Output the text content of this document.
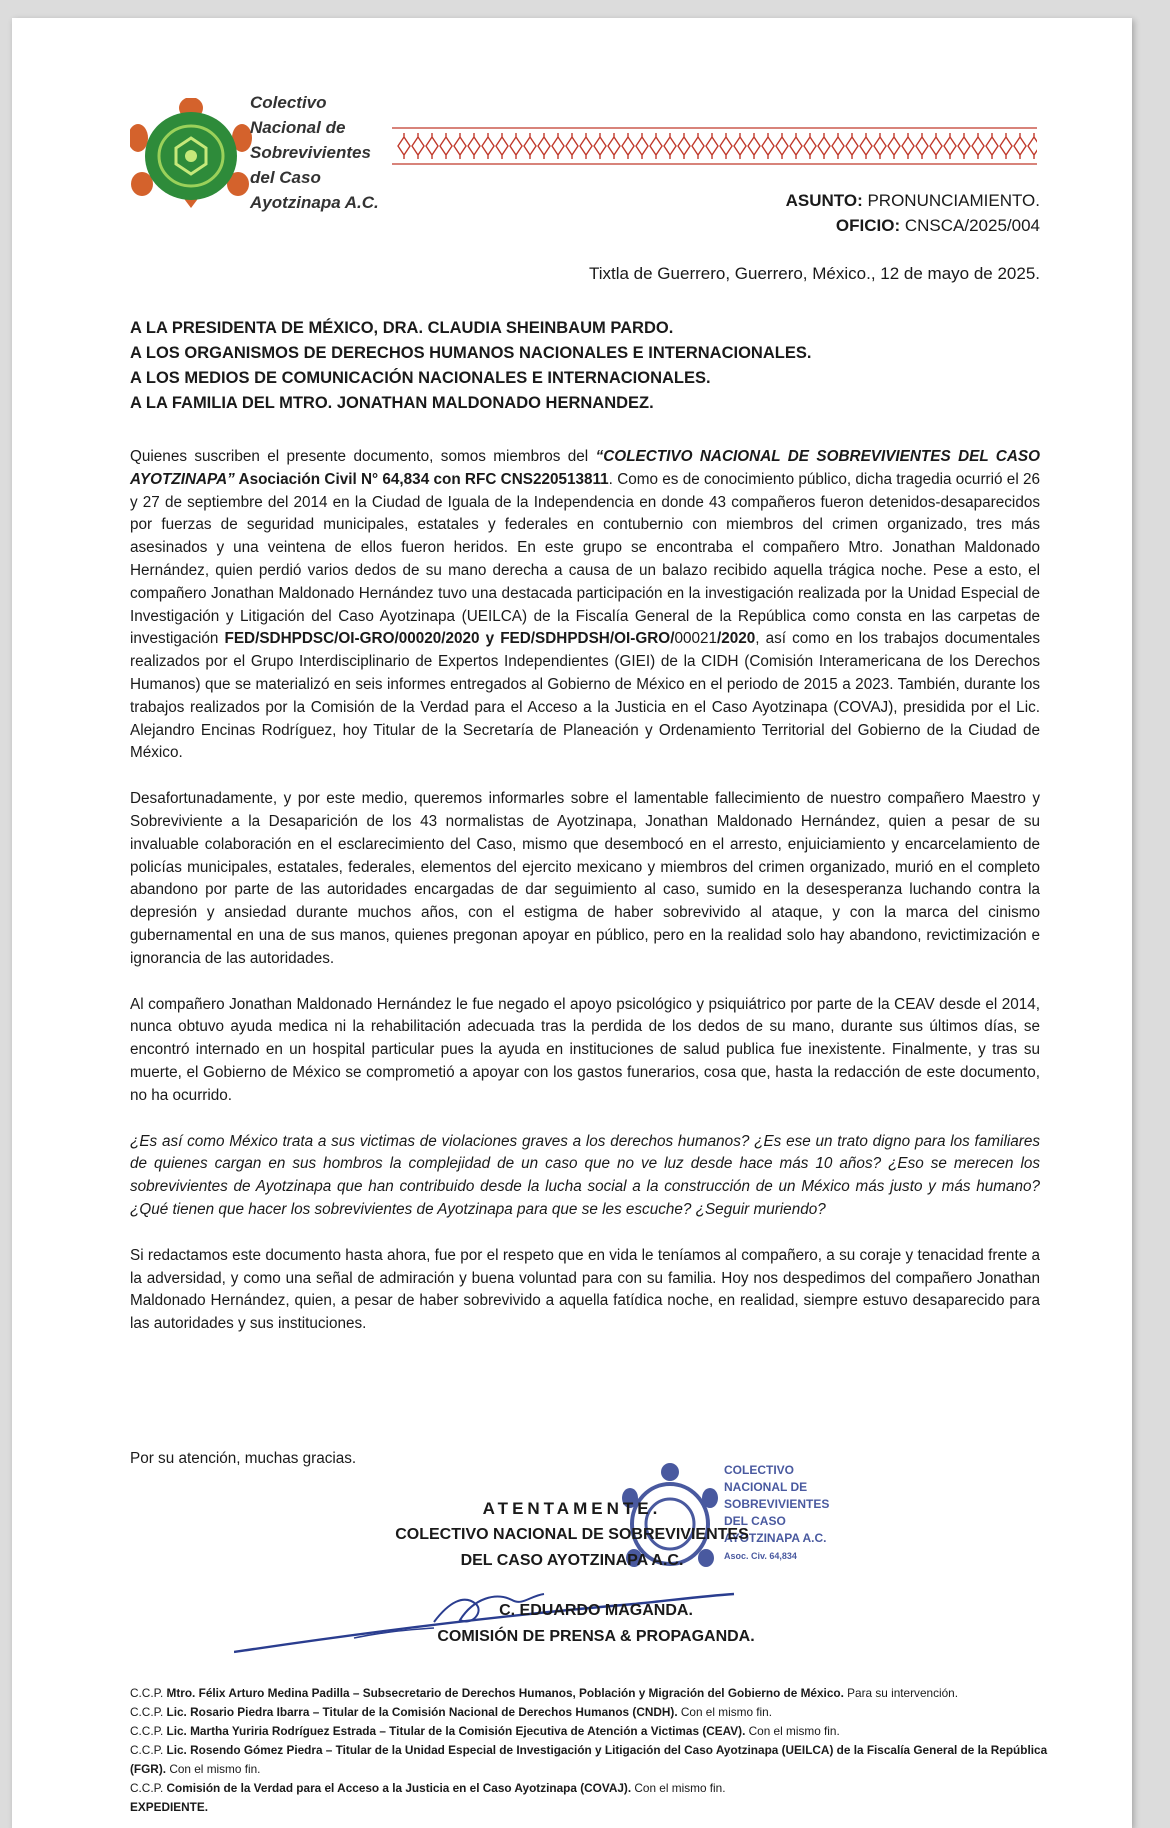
Colectivo
Nacional de
Sobrevivientes
del Caso
Ayotzinapa A.C.	ASUNTO: PRONUNCIAMIENTO.
OFICIO: CNSCA/2025/004
Tixtla de Guerrero, Guerrero, México., 12 de mayo de 2025.
A LA PRESIDENTA DE MÉXICO, DRA. CLAUDIA SHEINBAUM PARDO.
A LOS ORGANISMOS DE DERECHOS HUMANOS NACIONALES E INTERNACIONALES.
A LOS MEDIOS DE COMUNICACIÓN NACIONALES E INTERNACIONALES.
A LA FAMILIA DEL MTRO. JONATHAN MALDONADO HERNANDEZ.

Quienes suscriben el presente documento, somos miembros del “COLECTIVO NACIONAL DE SOBREVIVIENTES DEL CASO AYOTZINAPA” Asociación Civil N° 64,834 con RFC CNS220513811. Como es de conocimiento público, dicha tragedia ocurrió el 26 y 27 de septiembre del 2014 en la Ciudad de Iguala de la Independencia en donde 43 compañeros fueron detenidos-desaparecidos por fuerzas de seguridad municipales, estatales y federales en contubernio con miembros del crimen organizado, tres más asesinados y una veintena de ellos fueron heridos. En este grupo se encontraba el compañero Mtro. Jonathan Maldonado Hernández, quien perdió varios dedos de su mano derecha a causa de un balazo recibido aquella trágica noche. Pese a esto, el compañero Jonathan Maldonado Hernández tuvo una destacada participación en la investigación realizada por la Unidad Especial de Investigación y Litigación del Caso Ayotzinapa (UEILCA) de la Fiscalía General de la República como consta en las carpetas de investigación FED/SDHPDSC/OI-GRO/00020/2020 y FED/SDHPDSH/OI-GRO/00021/2020, así como en los trabajos documentales realizados por el Grupo Interdisciplinario de Expertos Independientes (GIEI) de la CIDH (Comisión Interamericana de los Derechos Humanos) que se materializó en seis informes entregados al Gobierno de México en el periodo de 2015 a 2023. También, durante los trabajos realizados por la Comisión de la Verdad para el Acceso a la Justicia en el Caso Ayotzinapa (COVAJ), presidida por el Lic. Alejandro Encinas Rodríguez, hoy Titular de la Secretaría de Planeación y Ordenamiento Territorial del Gobierno de la Ciudad de México.

Desafortunadamente, y por este medio, queremos informarles sobre el lamentable fallecimiento de nuestro compañero Maestro y Sobreviviente a la Desaparición de los 43 normalistas de Ayotzinapa, Jonathan Maldonado Hernández, quien a pesar de su invaluable colaboración en el esclarecimiento del Caso, mismo que desembocó en el arresto, enjuiciamiento y encarcelamiento de policías municipales, estatales, federales, elementos del ejercito mexicano y miembros del crimen organizado, murió en el completo abandono por parte de las autoridades encargadas de dar seguimiento al caso, sumido en la desesperanza luchando contra la depresión y ansiedad durante muchos años, con el estigma de haber sobrevivido al ataque, y con la marca del cinismo gubernamental en una de sus manos, quienes pregonan apoyar en público, pero en la realidad solo hay abandono, revictimización e ignorancia de las autoridades.

Al compañero Jonathan Maldonado Hernández le fue negado el apoyo psicológico y psiquiátrico por parte de la CEAV desde el 2014, nunca obtuvo ayuda medica ni la rehabilitación adecuada tras la perdida de los dedos de su mano, durante sus últimos días, se encontró internado en un hospital particular pues la ayuda en instituciones de salud publica fue inexistente. Finalmente, y tras su muerte, el Gobierno de México se comprometió a apoyar con los gastos funerarios, cosa que, hasta la redacción de este documento, no ha ocurrido.

¿Es así como México trata a sus victimas de violaciones graves a los derechos humanos? ¿Es ese un trato digno para los familiares de quienes cargan en sus hombros la complejidad de un caso que no ve luz desde hace más 10 años? ¿Eso se merecen los sobrevivientes de Ayotzinapa que han contribuido desde la lucha social a la construcción de un México más justo y más humano? ¿Qué tienen que hacer los sobrevivientes de Ayotzinapa para que se les escuche? ¿Seguir muriendo?

Si redactamos este documento hasta ahora, fue por el respeto que en vida le teníamos al compañero, a su coraje y tenacidad frente a la adversidad, y como una señal de admiración y buena voluntad para con su familia. Hoy nos despedimos del compañero Jonathan Maldonado Hernández, quien, a pesar de haber sobrevivido a aquella fatídica noche, en realidad, siempre estuvo desaparecido para las autoridades y sus instituciones.

Por su atención, muchas gracias.
COLECTIVO
NACIONAL DE
SOBREVIVIENTES
DEL CASO
AYOTZINAPA A.C.
Asoc. Civ. 64,834
ATENTAMENTE.
COLECTIVO NACIONAL DE SOBREVIVIENTES
DEL CASO AYOTZINAPA A.C.
C. EDUARDO MAGANDA.
COMISIÓN DE PRENSA & PROPAGANDA.
C.C.P. Mtro. Félix Arturo Medina Padilla – Subsecretario de Derechos Humanos, Población y Migración del Gobierno de México. Para su intervención.
C.C.P. Lic. Rosario Piedra Ibarra – Titular de la Comisión Nacional de Derechos Humanos (CNDH). Con el mismo fin.
C.C.P. Lic. Martha Yuriria Rodríguez Estrada – Titular de la Comisión Ejecutiva de Atención a Victimas (CEAV). Con el mismo fin.
C.C.P. Lic. Rosendo Gómez Piedra – Titular de la Unidad Especial de Investigación y Litigación del Caso Ayotzinapa (UEILCA) de la Fiscalía General de la República (FGR). Con el mismo fin.
C.C.P. Comisión de la Verdad para el Acceso a la Justicia en el Caso Ayotzinapa (COVAJ). Con el mismo fin.
EXPEDIENTE.
